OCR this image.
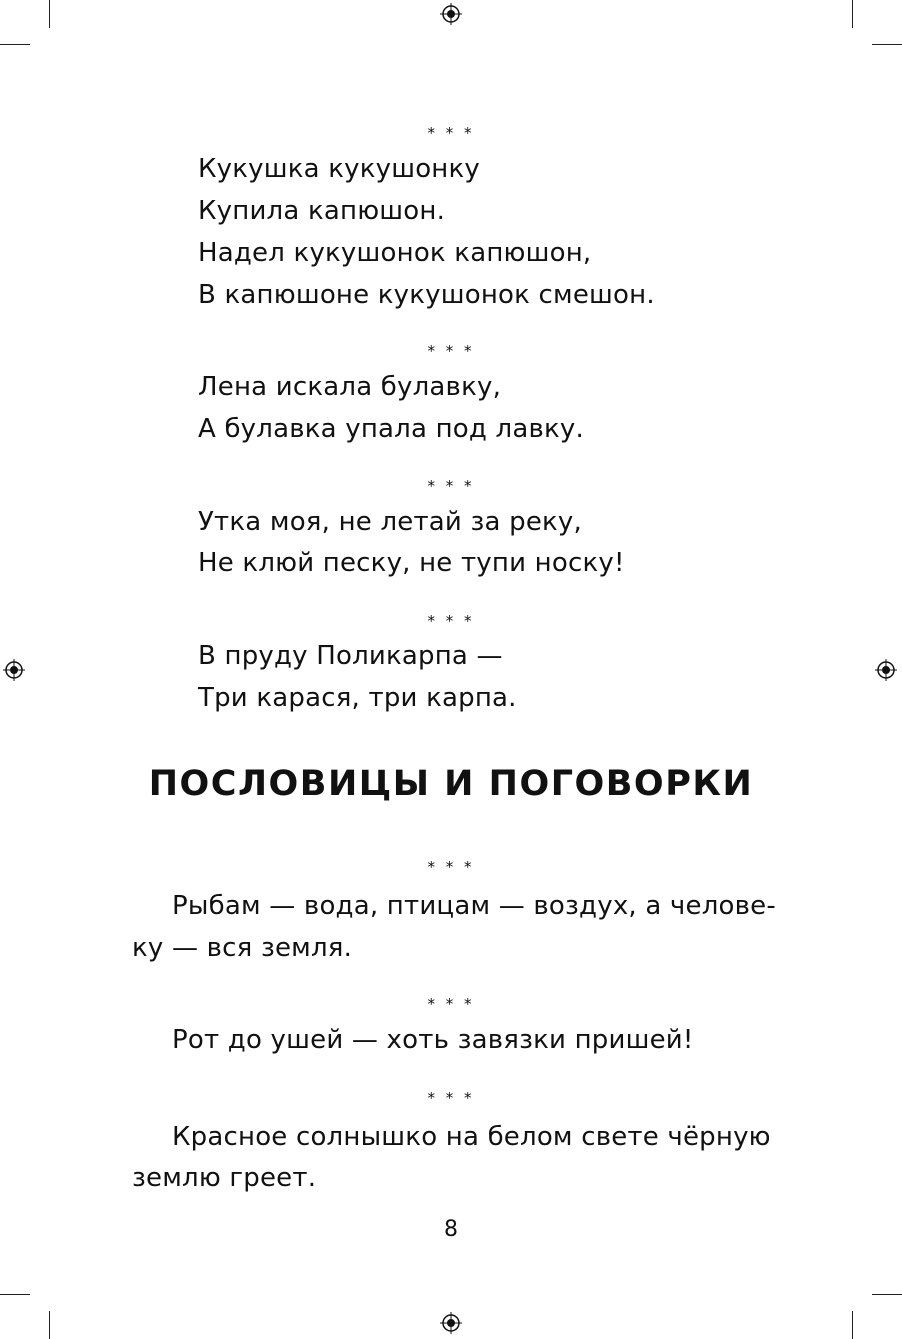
* * *
Кукушка кукушонку
Купила капюшон.
Надел кукушонок капюшон,
В капюшоне кукушонок смешон.
* * *
Лена искала булавку,
А булавка упала под лавку.
* * *
Утка моя, не летай за реку,
Не клюй песку, не тупи носку!
* * *
В пруду Поликарпа —
Три карася, три карпа.
ПОСЛОВИЦЫ И ПОГОВОРКИ
* * *
Рыбам — вода, птицам — воздух, а челове-
ку — вся земля.
* * *
Рот до ушей — хоть завязки пришей!
* * *
Красное солнышко на белом свете чёрную
землю греет.
8
